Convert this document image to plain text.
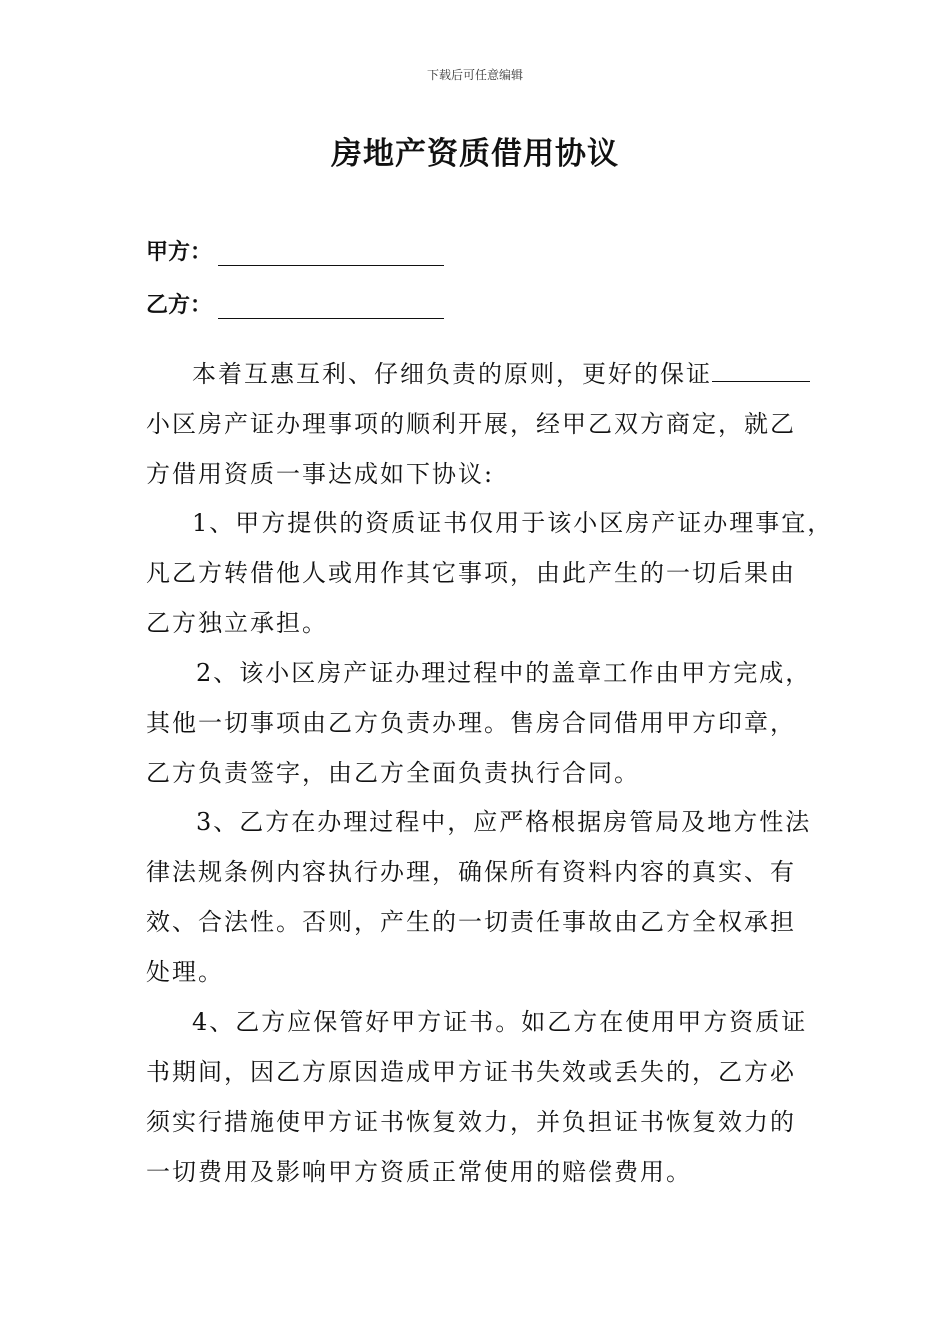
下载后可任意编辑
房地产资质借用协议
甲方：
乙方：
本着互惠互利、仔细负责的原则，更好的保证
小区房产证办理事项的顺利开展，经甲乙双方商定，就乙
方借用资质一事达成如下协议:
1、甲方提供的资质证书仅用于该小区房产证办理事宜，
凡乙方转借他人或用作其它事项，由此产生的一切后果由
乙方独立承担。
2、该小区房产证办理过程中的盖章工作由甲方完成，
其他一切事项由乙方负责办理。售房合同借用甲方印章，
乙方负责签字，由乙方全面负责执行合同。
3、乙方在办理过程中，应严格根据房管局及地方性法
律法规条例内容执行办理，确保所有资料内容的真实、有
效、合法性。否则，产生的一切责任事故由乙方全权承担
处理。
4、乙方应保管好甲方证书。如乙方在使用甲方资质证
书期间，因乙方原因造成甲方证书失效或丢失的，乙方必
须实行措施使甲方证书恢复效力，并负担证书恢复效力的
一切费用及影响甲方资质正常使用的赔偿费用。
